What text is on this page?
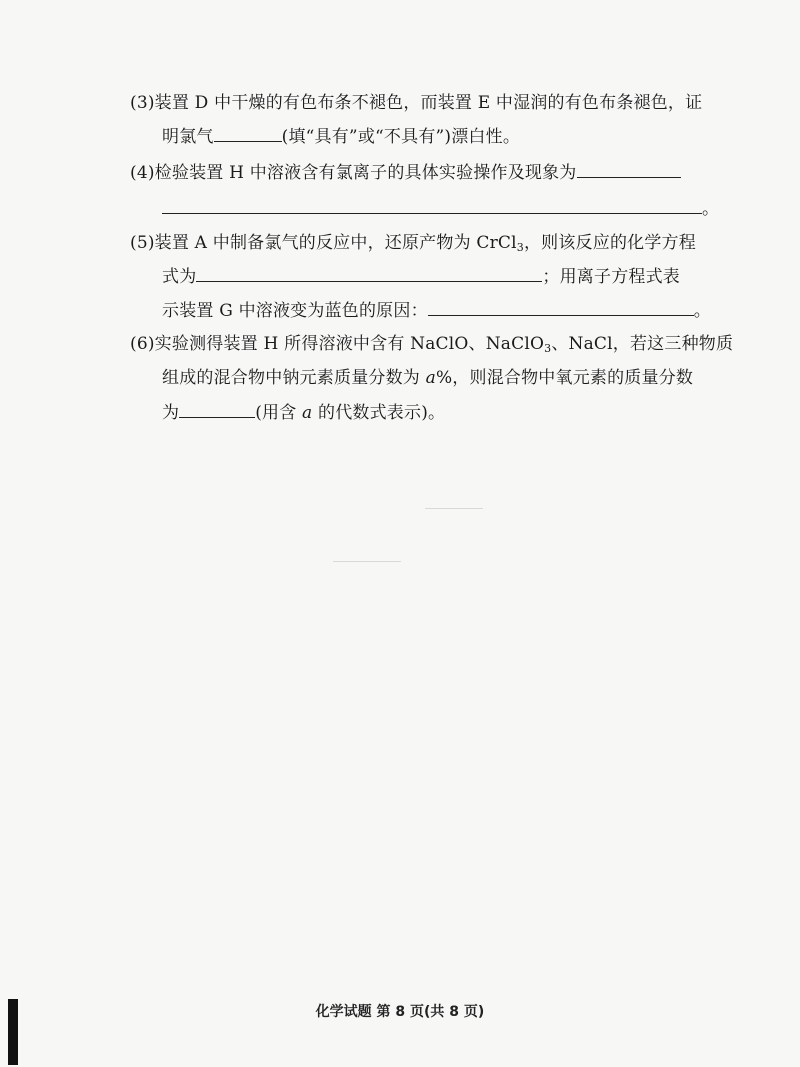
(3)装置 D 中干燥的有色布条不褪色，而装置 E 中湿润的有色布条褪色，证
明氯气	(填“具有”或“不具有”)漂白性。
(4)检验装置 H 中溶液含有氯离子的具体实验操作及现象为
。
(5)装置 A 中制备氯气的反应中，还原产物为 CrCl$_3$，则该反应的化学方程
式为	；用离子方程式表
示装置 G 中溶液变为蓝色的原因：	。
(6)实验测得装置 H 所得溶液中含有 NaClO、NaClO$_3$、NaCl，若这三种物质
组成的混合物中钠元素质量分数为 a%，则混合物中氧元素的质量分数
为	(用含 a 的代数式表示)。
化学试题 第 8 页(共 8 页)
